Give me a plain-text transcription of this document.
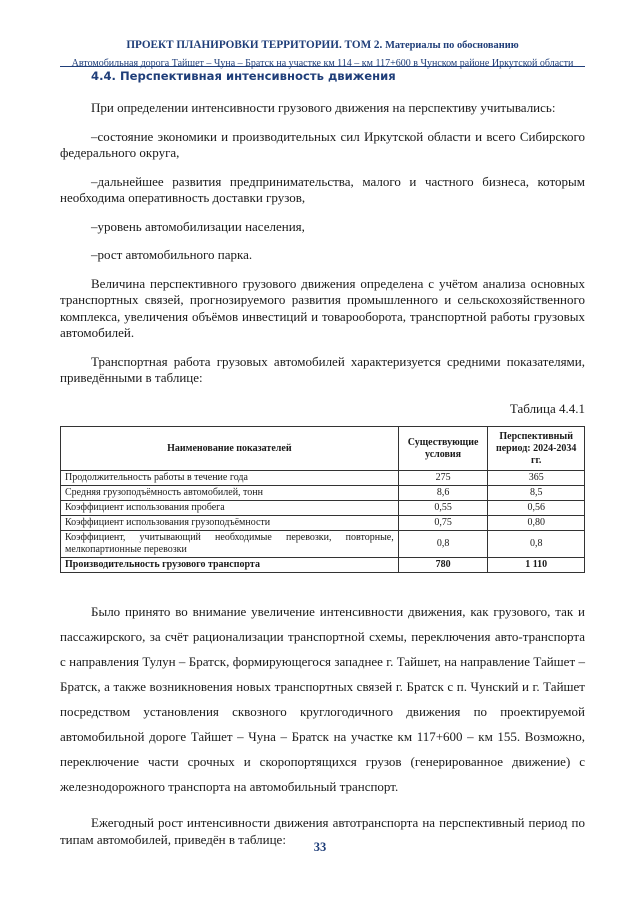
ПРОЕКТ ПЛАНИРОВКИ ТЕРРИТОРИИ. ТОМ 2. Материалы по обоснованию
Автомобильная дорога Тайшет – Чуна – Братск на участке км 114 – км 117+600 в Чунском районе Иркутской области
4.4. Перспективная интенсивность движения

При определении интенсивности грузового движения на перспективу учитывались:

–состояние экономики и производительных сил Иркутской области и всего Сибирского федерального округа,

–дальнейшее развития предпринимательства, малого и частного бизнеса, которым необходима оперативность доставки грузов,

–уровень автомобилизации населения,

–рост автомобильного парка.

Величина перспективного грузового движения определена с учётом анализа основных транспортных связей, прогнозируемого развития промышленного и сельскохозяйственного комплекса, увеличения объёмов инвестиций и товарооборота, транспортной работы грузовых автомобилей.

Транспортная работа грузовых автомобилей характеризуется средними показателями, приведёнными в таблице:

Таблица 4.4.1
Наименование показателей	Существующие условия	Перспективный период: 2024-2034 гг.
Продолжительность работы в течение года	275	365
Средняя грузоподъёмность автомобилей, тонн	8,6	8,5
Коэффициент использования пробега	0,55	0,56
Коэффициент использования грузоподъёмности	0,75	0,80
Коэффициент, учитывающий необходимые перевозки, повторные, мелкопартионные перевозки	0,8	0,8
Производительность грузового транспорта	780	1 110

Было принято во внимание увеличение интенсивности движения, как грузового, так и пассажирского, за счёт рационализации транспортной схемы, переключения авто-транспорта с направления Тулун – Братск, формирующегося западнее г. Тайшет, на направление Тайшет – Братск, а также возникновения новых транспортных связей г. Братск с п. Чунский и г. Тайшет посредством установления сквозного круглогодичного движения по проектируемой автомобильной дороге Тайшет – Чуна – Братск на участке км 117+600 – км 155. Возможно, переключение части срочных и скоропортящихся грузов (генерированное движение) с железнодорожного транспорта на автомобильный транспорт.

Ежегодный рост интенсивности движения автотранспорта на перспективный период по типам автомобилей, приведён в таблице:

33
